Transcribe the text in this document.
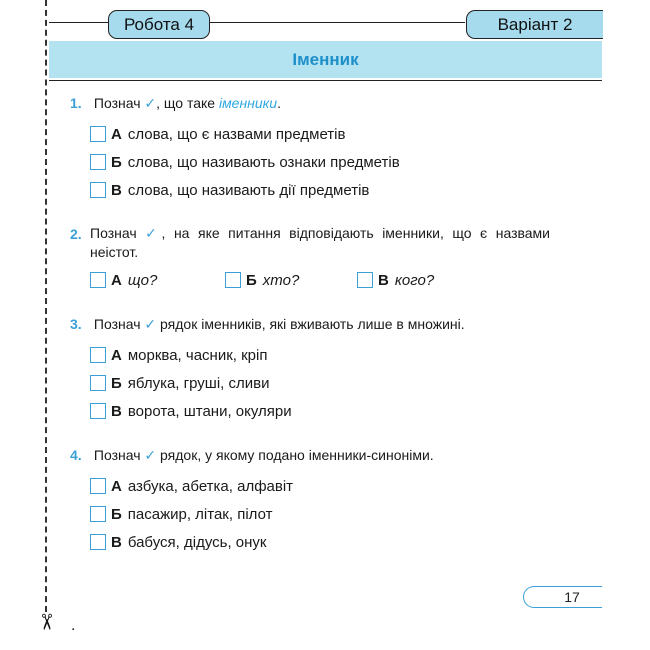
✂ .
Робота 4	Варіант 2
Іменник
1. Познач ✓, що таке іменники.
А слова, що є назвами предметів
Б слова, що називають ознаки предметів
В слова, що називають дії предметів
2. Познач ✓, на яке питання відповідають іменники, що є назвами неістот.
А що?	Б хто?	В кого?
3. Познач ✓ рядок іменників, які вживають лише в множині.
А морква, часник, кріп
Б яблука, груші, сливи
В ворота, штани, окуляри
4. Познач ✓ рядок, у якому подано іменники-синоніми.
А азбука, абетка, алфавіт
Б пасажир, літак, пілот
В бабуся, дідусь, онук
17
